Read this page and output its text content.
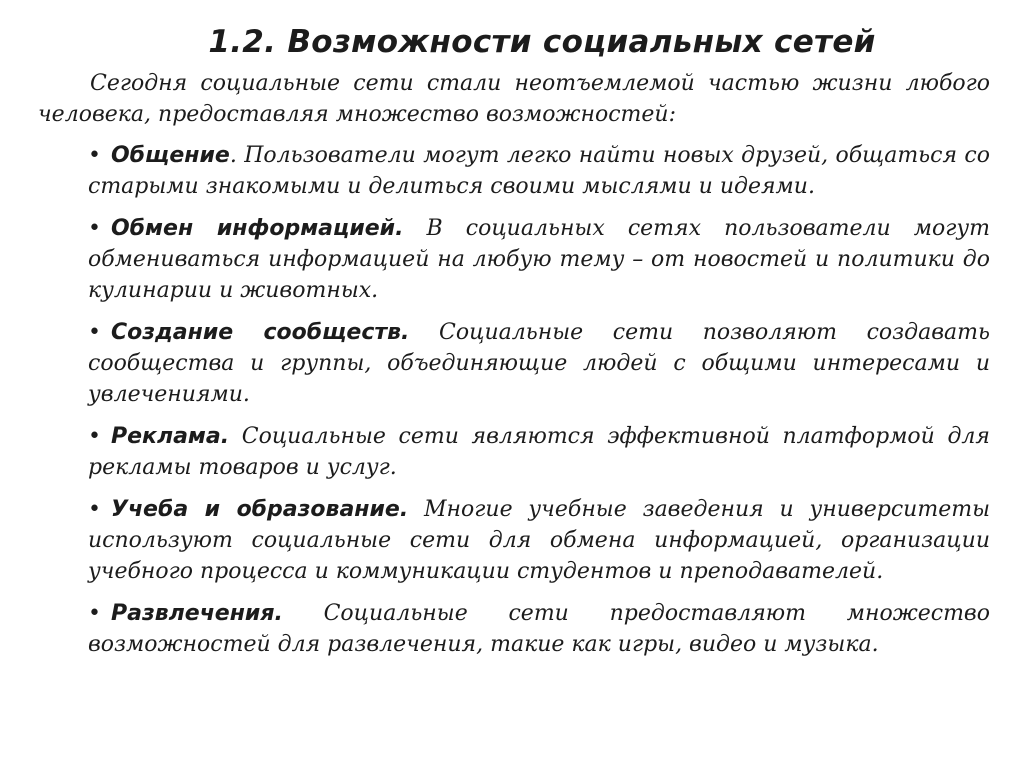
1.2. Возможности социальных сетей

Сегодня социальные сети стали неотъемлемой частью жизни любого человека, предоставляя множество возможностей:

• Общение. Пользователи могут легко найти новых друзей, общаться со старыми знакомыми и делиться своими мыслями и идеями.
• Обмен информацией. В социальных сетях пользователи могут обмениваться информацией на любую тему – от новостей и политики до кулинарии и животных.
• Создание сообществ. Социальные сети позволяют создавать сообщества и группы, объединяющие людей с общими интересами и увлечениями.
• Реклама. Социальные сети являются эффективной платформой для рекламы товаров и услуг.
• Учеба и образование. Многие учебные заведения и университеты используют социальные сети для обмена информацией, организации учебного процесса и коммуникации студентов и преподавателей.
• Развлечения. Социальные сети предоставляют множество возможностей для развлечения, такие как игры, видео и музыка.
